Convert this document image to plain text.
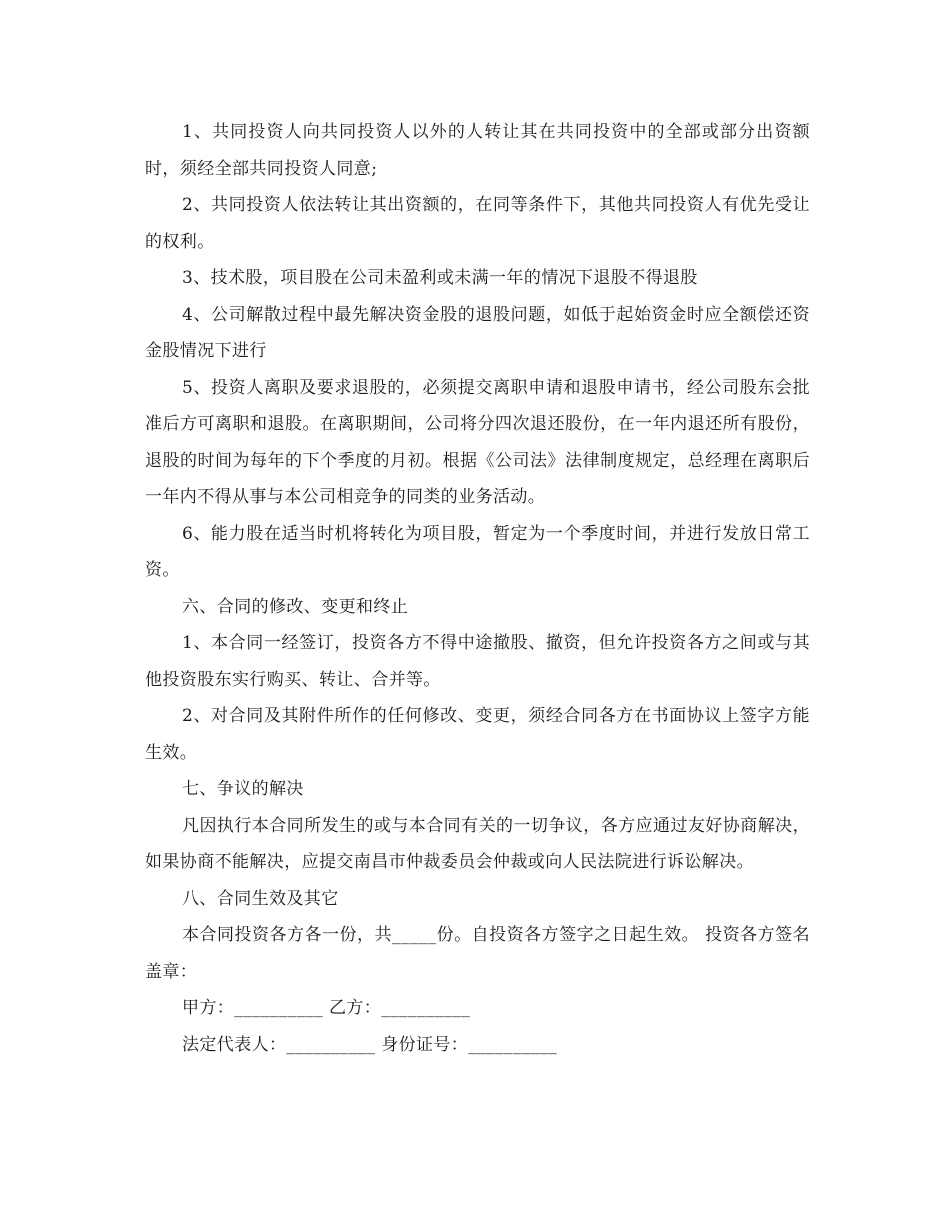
1、共同投资人向共同投资人以外的人转让其在共同投资中的全部或部分出资额时，须经全部共同投资人同意;

2、共同投资人依法转让其出资额的，在同等条件下，其他共同投资人有优先受让的权利。

3、技术股，项目股在公司未盈利或未满一年的情况下退股不得退股

4、公司解散过程中最先解决资金股的退股问题，如低于起始资金时应全额偿还资金股情况下进行

5、投资人离职及要求退股的，必须提交离职申请和退股申请书，经公司股东会批准后方可离职和退股。在离职期间，公司将分四次退还股份，在一年内退还所有股份，退股的时间为每年的下个季度的月初。根据《公司法》法律制度规定，总经理在离职后一年内不得从事与本公司相竞争的同类的业务活动。

6、能力股在适当时机将转化为项目股，暂定为一个季度时间，并进行发放日常工资。

六、合同的修改、变更和终止

1、本合同一经签订，投资各方不得中途撤股、撤资，但允许投资各方之间或与其他投资股东实行购买、转让、合并等。

2、对合同及其附件所作的任何修改、变更，须经合同各方在书面协议上签字方能生效。

七、争议的解决

凡因执行本合同所发生的或与本合同有关的一切争议，各方应通过友好协商解决，如果协商不能解决，应提交南昌市仲裁委员会仲裁或向人民法院进行诉讼解决。

八、合同生效及其它

本合同投资各方各一份，共_____份。自投资各方签字之日起生效。 投资各方签名盖章：

甲方：__________ 乙方：__________

法定代表人：__________ 身份证号：__________
